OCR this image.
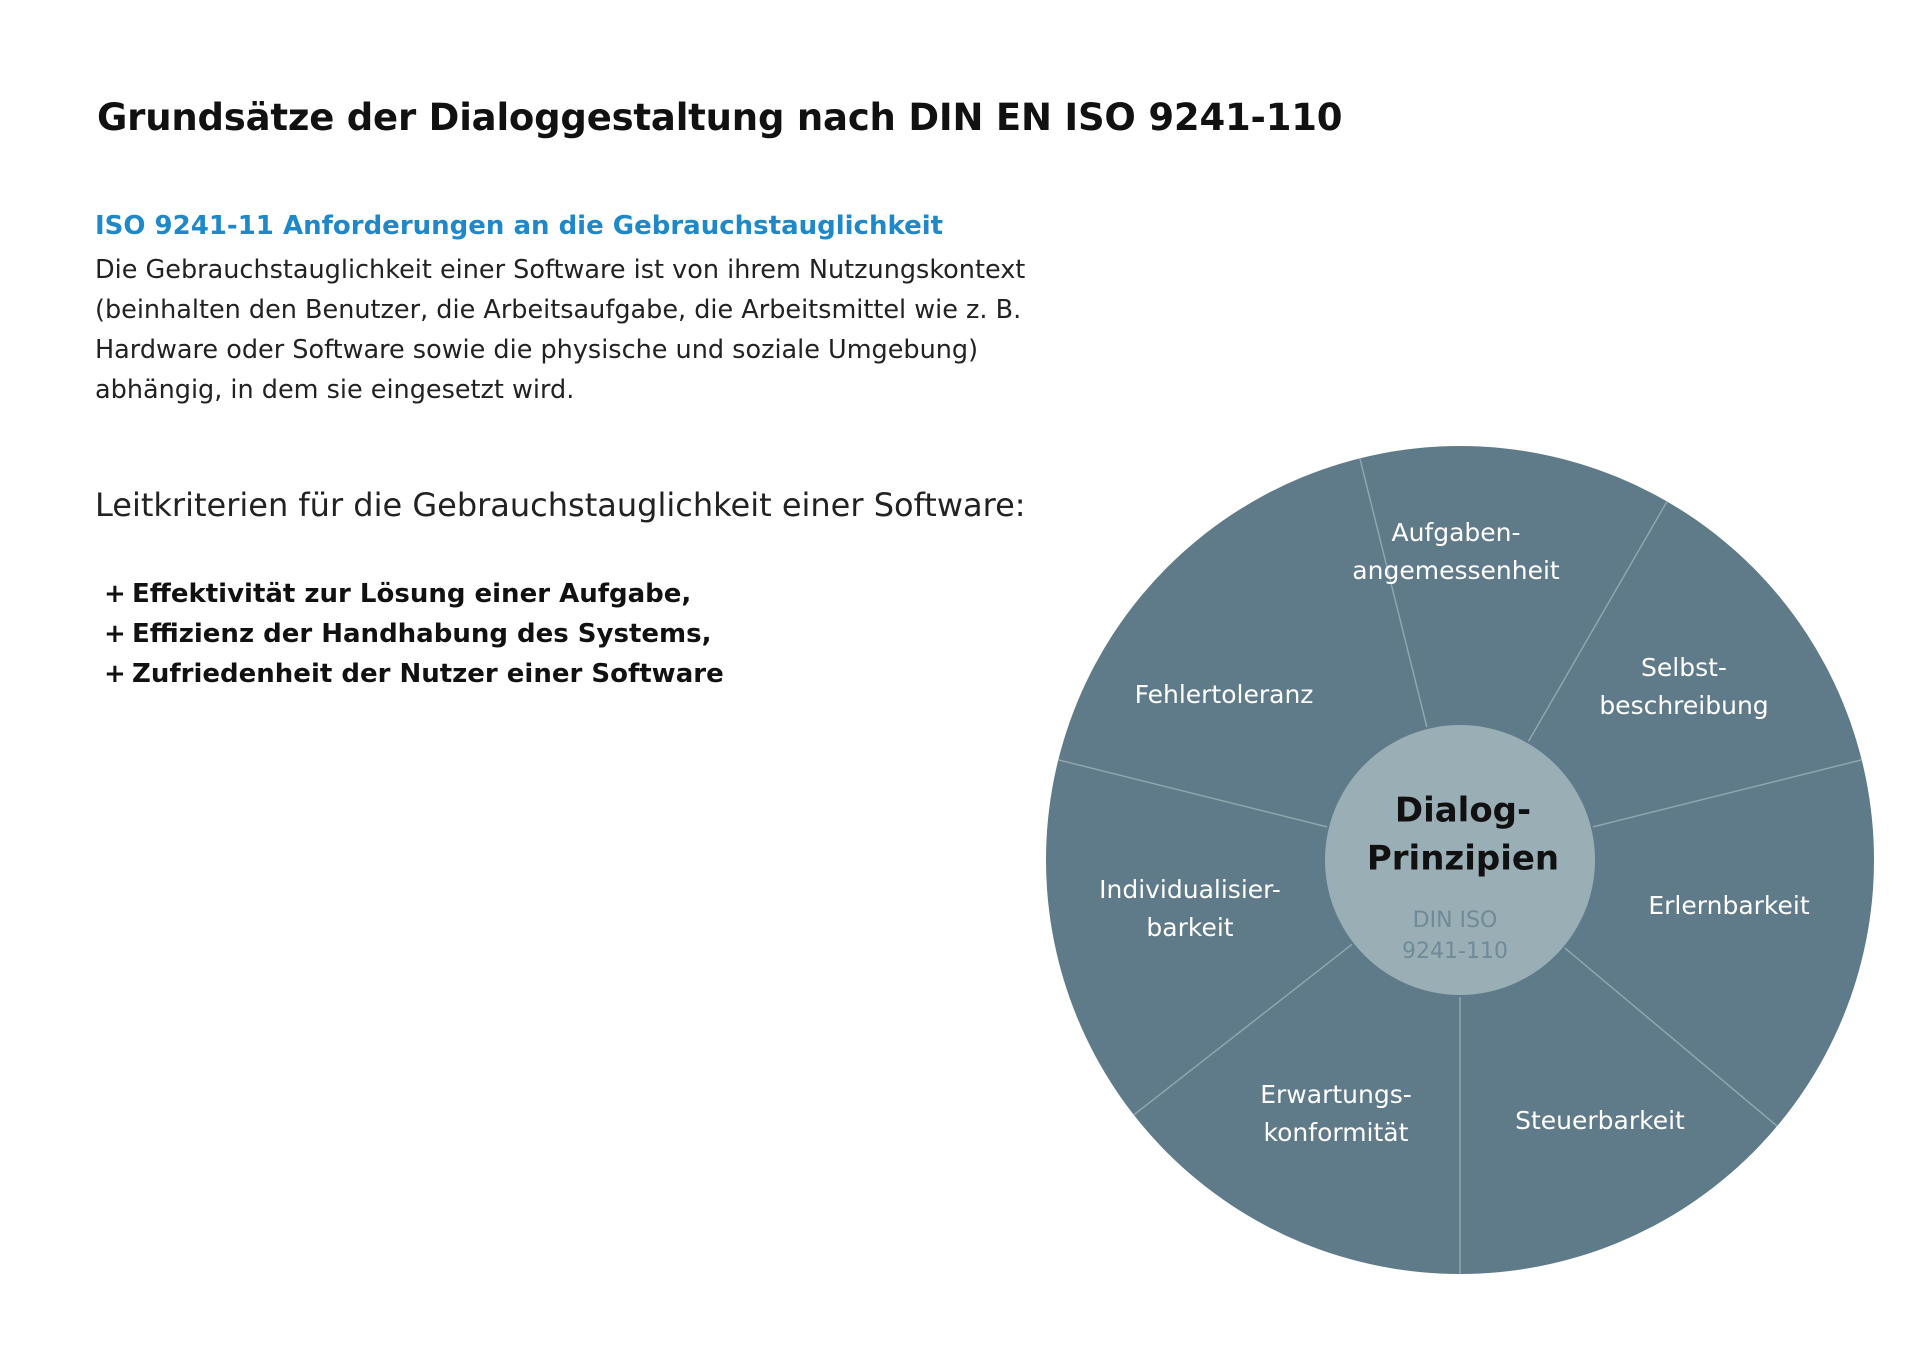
Grundsätze der Dialoggestaltung nach DIN EN ISO 9241-110
ISO 9241-11 Anforderungen an die Gebrauchstauglichkeit
Die Gebrauchstauglichkeit einer Software ist von ihrem Nutzungskontext
(beinhalten den Benutzer, die Arbeitsaufgabe, die Arbeitsmittel wie z. B.
Hardware oder Software sowie die physische und soziale Umgebung)
abhängig, in dem sie eingesetzt wird.
Leitkriterien für die Gebrauchstauglichkeit einer Software:
+ Effektivität zur Lösung einer Aufgabe,
+ Effizienz der Handhabung des Systems,
+ Zufriedenheit der Nutzer einer Software
Aufgaben-
angemessenheit
Selbst-
beschreibung
Erlernbarkeit
Steuerbarkeit
Erwartungs-
konformität
Individualisier-
barkeit
Fehlertoleranz
Dialog-
Prinzipien
DIN ISO
9241-110
